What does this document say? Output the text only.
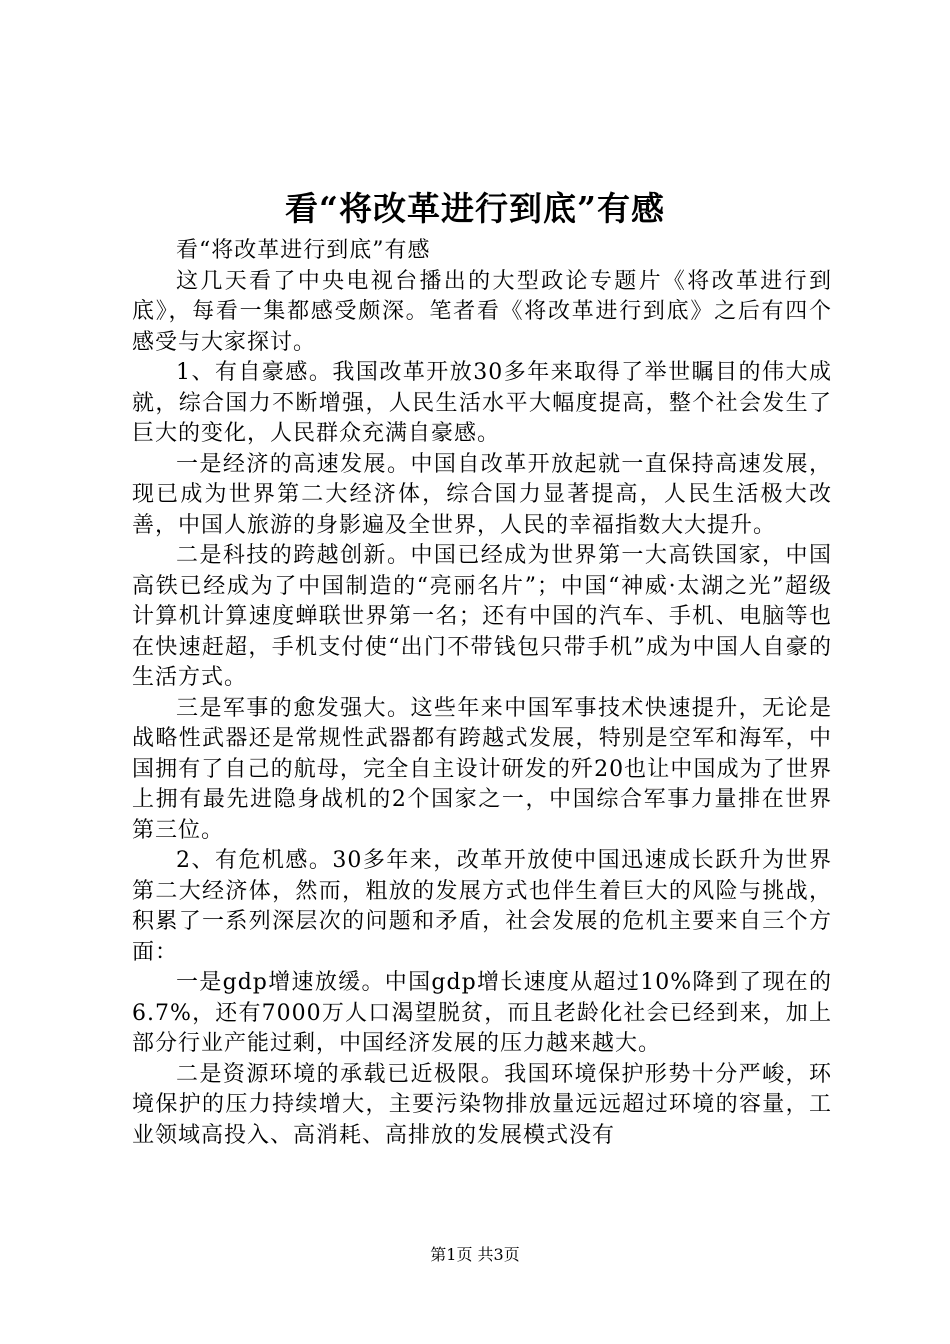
看“将改革进行到底”有感

看“将改革进行到底”有感

这几天看了中央电视台播出的大型政论专题片《将改革进行到底》，每看一集都感受颇深。笔者看《将改革进行到底》之后有四个感受与大家探讨。

1、有自豪感。我国改革开放30多年来取得了举世瞩目的伟大成就，综合国力不断增强，人民生活水平大幅度提高，整个社会发生了巨大的变化，人民群众充满自豪感。

一是经济的高速发展。中国自改革开放起就一直保持高速发展，现已成为世界第二大经济体，综合国力显著提高，人民生活极大改善，中国人旅游的身影遍及全世界，人民的幸福指数大大提升。

二是科技的跨越创新。中国已经成为世界第一大高铁国家，中国高铁已经成为了中国制造的“亮丽名片”；中国“神威·太湖之光”超级计算机计算速度蝉联世界第一名；还有中国的汽车、手机、电脑等也在快速赶超，手机支付使“出门不带钱包只带手机”成为中国人自豪的生活方式。

三是军事的愈发强大。这些年来中国军事技术快速提升，无论是战略性武器还是常规性武器都有跨越式发展，特别是空军和海军，中国拥有了自己的航母，完全自主设计研发的歼20也让中国成为了世界上拥有最先进隐身战机的2个国家之一，中国综合军事力量排在世界第三位。

2、有危机感。30多年来，改革开放使中国迅速成长跃升为世界第二大经济体，然而，粗放的发展方式也伴生着巨大的风险与挑战，积累了一系列深层次的问题和矛盾，社会发展的危机主要来自三个方面：

一是gdp增速放缓。中国gdp增长速度从超过10%降到了现在的6.7%，还有7000万人口渴望脱贫，而且老龄化社会已经到来，加上部分行业产能过剩，中国经济发展的压力越来越大。

二是资源环境的承载已近极限。我国环境保护形势十分严峻，环境保护的压力持续增大，主要污染物排放量远远超过环境的容量，工业领域高投入、高消耗、高排放的发展模式没有

第1页 共3页
